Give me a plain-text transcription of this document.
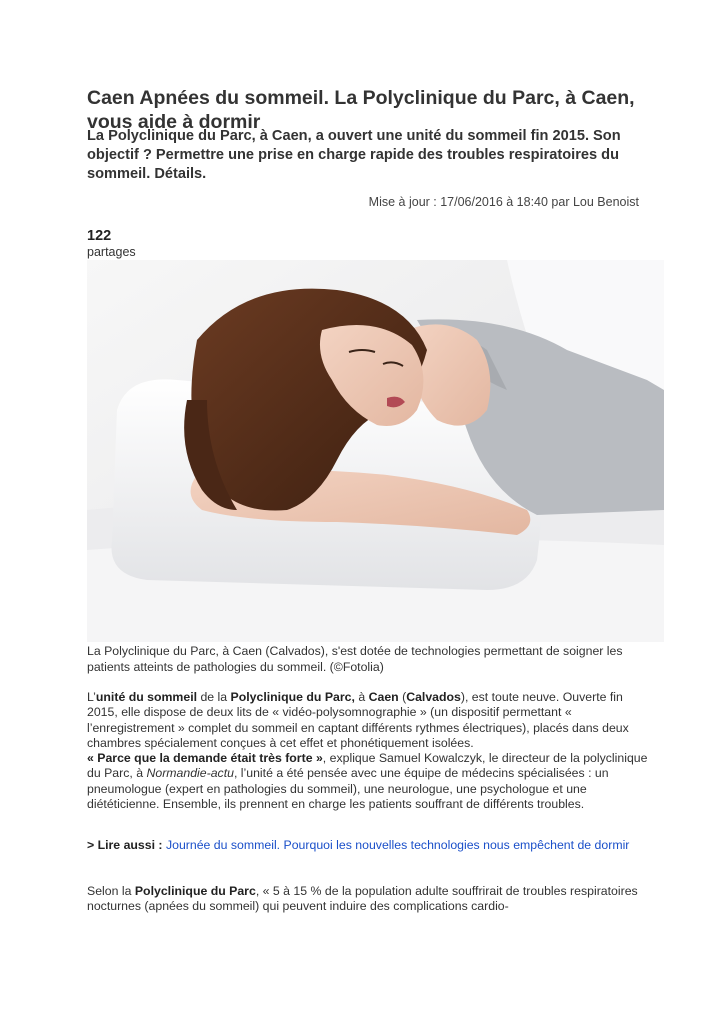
Caen Apnées du sommeil. La Polyclinique du Parc, à Caen, vous aide à dormir

La Polyclinique du Parc, à Caen, a ouvert une unité du sommeil fin 2015. Son objectif ? Permettre une prise en charge rapide des troubles respiratoires du sommeil. Détails.

Mise à jour : 17/06/2016 à 18:40 par Lou Benoist
122
partages

La Polyclinique du Parc, à Caen (Calvados), s'est dotée de technologies permettant de soigner les patients atteints de pathologies du sommeil. (©Fotolia)

L’unité du sommeil de la Polyclinique du Parc, à Caen (Calvados), est toute neuve. Ouverte fin 2015, elle dispose de deux lits de « vidéo-polysomnographie » (un dispositif permettant « l’enregistrement » complet du sommeil en captant différents rythmes électriques), placés dans deux chambres spécialement conçues à cet effet et phonétiquement isolées.

« Parce que la demande était très forte », explique Samuel Kowalczyk, le directeur de la polyclinique du Parc, à Normandie-actu, l’unité a été pensée avec une équipe de médecins spécialisées : un pneumologue (expert en pathologies du sommeil), une neurologue, une psychologue et une diététicienne. Ensemble, ils prennent en charge les patients souffrant de différents troubles.

> Lire aussi : Journée du sommeil. Pourquoi les nouvelles technologies nous empêchent de dormir

Selon la Polyclinique du Parc, « 5 à 15 % de la population adulte souffrirait de troubles respiratoires nocturnes (apnées du sommeil) qui peuvent induire des complications cardio-
